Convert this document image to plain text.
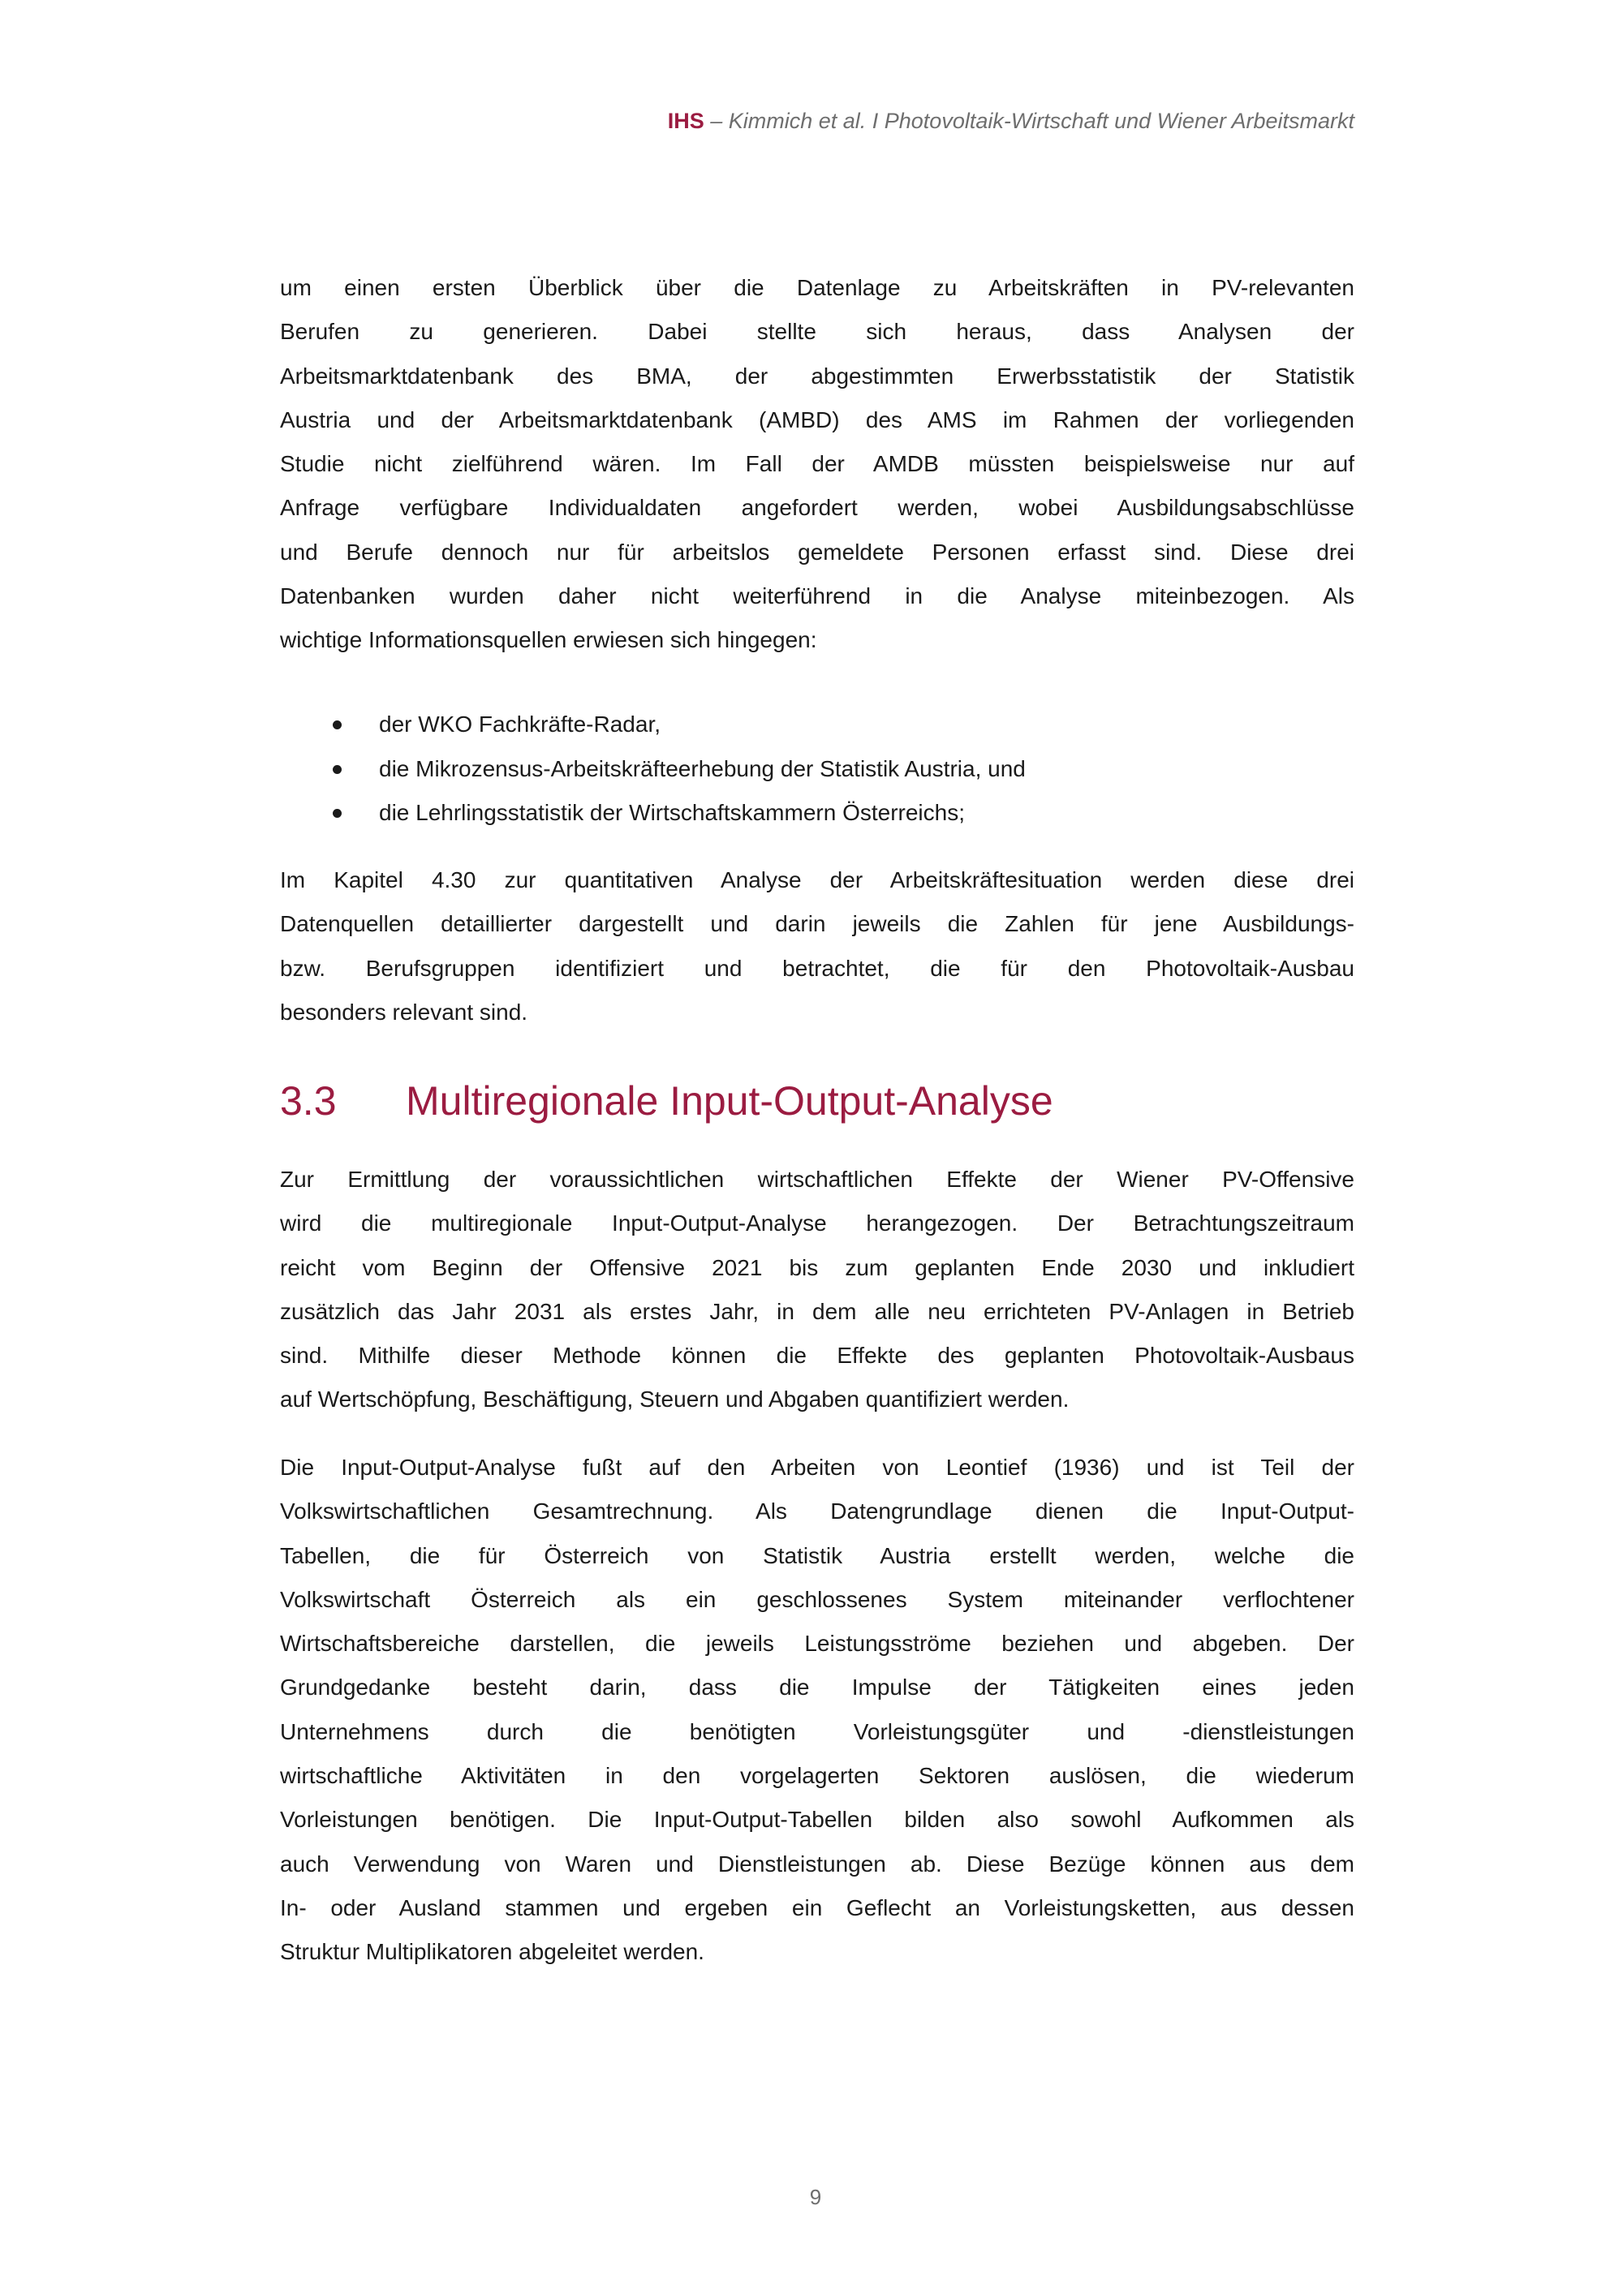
IHS – Kimmich et al. I Photovoltaik-Wirtschaft und Wiener Arbeitsmarkt
um einen ersten Überblick über die Datenlage zu Arbeitskräften in PV-relevanten
Berufen zu generieren. Dabei stellte sich heraus, dass Analysen der
Arbeitsmarktdatenbank des BMA, der abgestimmten Erwerbsstatistik der Statistik
Austria und der Arbeitsmarktdatenbank (AMBD) des AMS im Rahmen der vorliegenden
Studie nicht zielführend wären. Im Fall der AMDB müssten beispielsweise nur auf
Anfrage verfügbare Individualdaten angefordert werden, wobei Ausbildungsabschlüsse
und Berufe dennoch nur für arbeitslos gemeldete Personen erfasst sind. Diese drei
Datenbanken wurden daher nicht weiterführend in die Analyse miteinbezogen. Als
wichtige Informationsquellen erwiesen sich hingegen:
der WKO Fachkräfte-Radar,
die Mikrozensus-Arbeitskräfteerhebung der Statistik Austria, und
die Lehrlingsstatistik der Wirtschaftskammern Österreichs;
Im Kapitel 4.30 zur quantitativen Analyse der Arbeitskräftesituation werden diese drei
Datenquellen detaillierter dargestellt und darin jeweils die Zahlen für jene Ausbildungs-
bzw. Berufsgruppen identifiziert und betrachtet, die für den Photovoltaik-Ausbau
besonders relevant sind.
3.3 Multiregionale Input-Output-Analyse
Zur Ermittlung der voraussichtlichen wirtschaftlichen Effekte der Wiener PV-Offensive
wird die multiregionale Input-Output-Analyse herangezogen. Der Betrachtungszeitraum
reicht vom Beginn der Offensive 2021 bis zum geplanten Ende 2030 und inkludiert
zusätzlich das Jahr 2031 als erstes Jahr, in dem alle neu errichteten PV-Anlagen in Betrieb
sind. Mithilfe dieser Methode können die Effekte des geplanten Photovoltaik-Ausbaus
auf Wertschöpfung, Beschäftigung, Steuern und Abgaben quantifiziert werden.
Die Input-Output-Analyse fußt auf den Arbeiten von Leontief (1936) und ist Teil der
Volkswirtschaftlichen Gesamtrechnung. Als Datengrundlage dienen die Input-Output-
Tabellen, die für Österreich von Statistik Austria erstellt werden, welche die
Volkswirtschaft Österreich als ein geschlossenes System miteinander verflochtener
Wirtschaftsbereiche darstellen, die jeweils Leistungsströme beziehen und abgeben. Der
Grundgedanke besteht darin, dass die Impulse der Tätigkeiten eines jeden
Unternehmens durch die benötigten Vorleistungsgüter und -dienstleistungen
wirtschaftliche Aktivitäten in den vorgelagerten Sektoren auslösen, die wiederum
Vorleistungen benötigen. Die Input-Output-Tabellen bilden also sowohl Aufkommen als
auch Verwendung von Waren und Dienstleistungen ab. Diese Bezüge können aus dem
In- oder Ausland stammen und ergeben ein Geflecht an Vorleistungsketten, aus dessen
Struktur Multiplikatoren abgeleitet werden.
9
